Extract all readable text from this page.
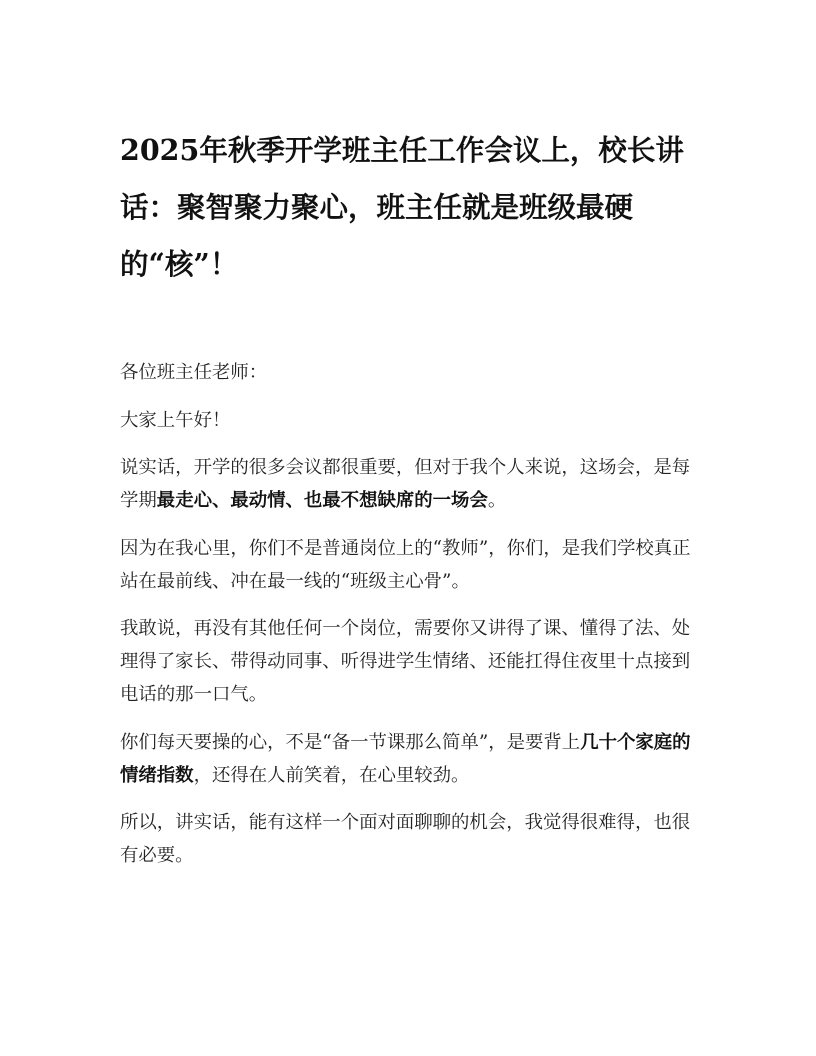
2025年秋季开学班主任工作会议上，校长讲话：聚智聚力聚心，班主任就是班级最硬的“核”！

各位班主任老师：

大家上午好！

说实话，开学的很多会议都很重要，但对于我个人来说，这场会，是每学期最走心、最动情、也最不想缺席的一场会。

因为在我心里，你们不是普通岗位上的“教师”，你们，是我们学校真正站在最前线、冲在最一线的“班级主心骨”。

我敢说，再没有其他任何一个岗位，需要你又讲得了课、懂得了法、处理得了家长、带得动同事、听得进学生情绪、还能扛得住夜里十点接到电话的那一口气。

你们每天要操的心，不是“备一节课那么简单”，是要背上几十个家庭的情绪指数，还得在人前笑着，在心里较劲。

所以，讲实话，能有这样一个面对面聊聊的机会，我觉得很难得，也很有必要。
